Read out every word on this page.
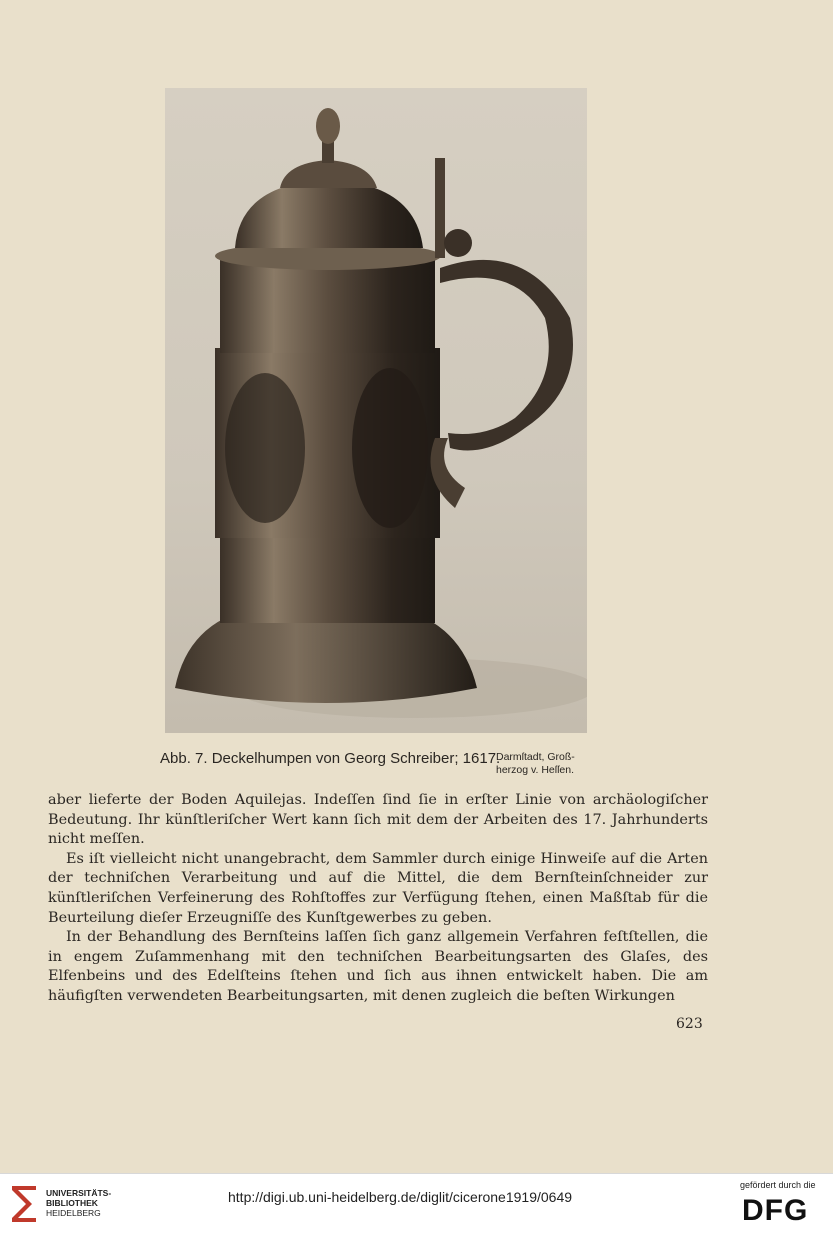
Abb. 7. Deckelhumpen von Georg Schreiber; 1617.
Darmſtadt, Groß-
herzog v. Heſſen.

aber lieferte der Boden Aquilejas. Indeſſen ſind ſie in erſter Linie von archäologiſcher Bedeutung. Ihr künſtleriſcher Wert kann ſich mit dem der Arbeiten des 17. Jahrhunderts nicht meſſen.

Es iſt vielleicht nicht unangebracht, dem Sammler durch einige Hinweiſe auf die Arten der techniſchen Verarbeitung und auf die Mittel, die dem Bernſteinſchneider zur künſtleriſchen Verfeinerung des Rohſtoffes zur Verfügung ſtehen, einen Maßſtab für die Beurteilung dieſer Erzeugniſſe des Kunſtgewerbes zu geben.

In der Behandlung des Bernſteins laſſen ſich ganz allgemein Verfahren feſtſtellen, die in engem Zuſammenhang mit den techniſchen Bearbeitungsarten des Glaſes, des Elfenbeins und des Edelſteins ſtehen und ſich aus ihnen entwickelt haben. Die am häufigſten verwendeten Bearbeitungsarten, mit denen zugleich die beſten Wirkungen

623
UNIVERSITÄTS-
BIBLIOTHEK
HEIDELBERG
http://digi.ub.uni-heidelberg.de/diglit/cicerone1919/0649
gefördert durch die
DFG
